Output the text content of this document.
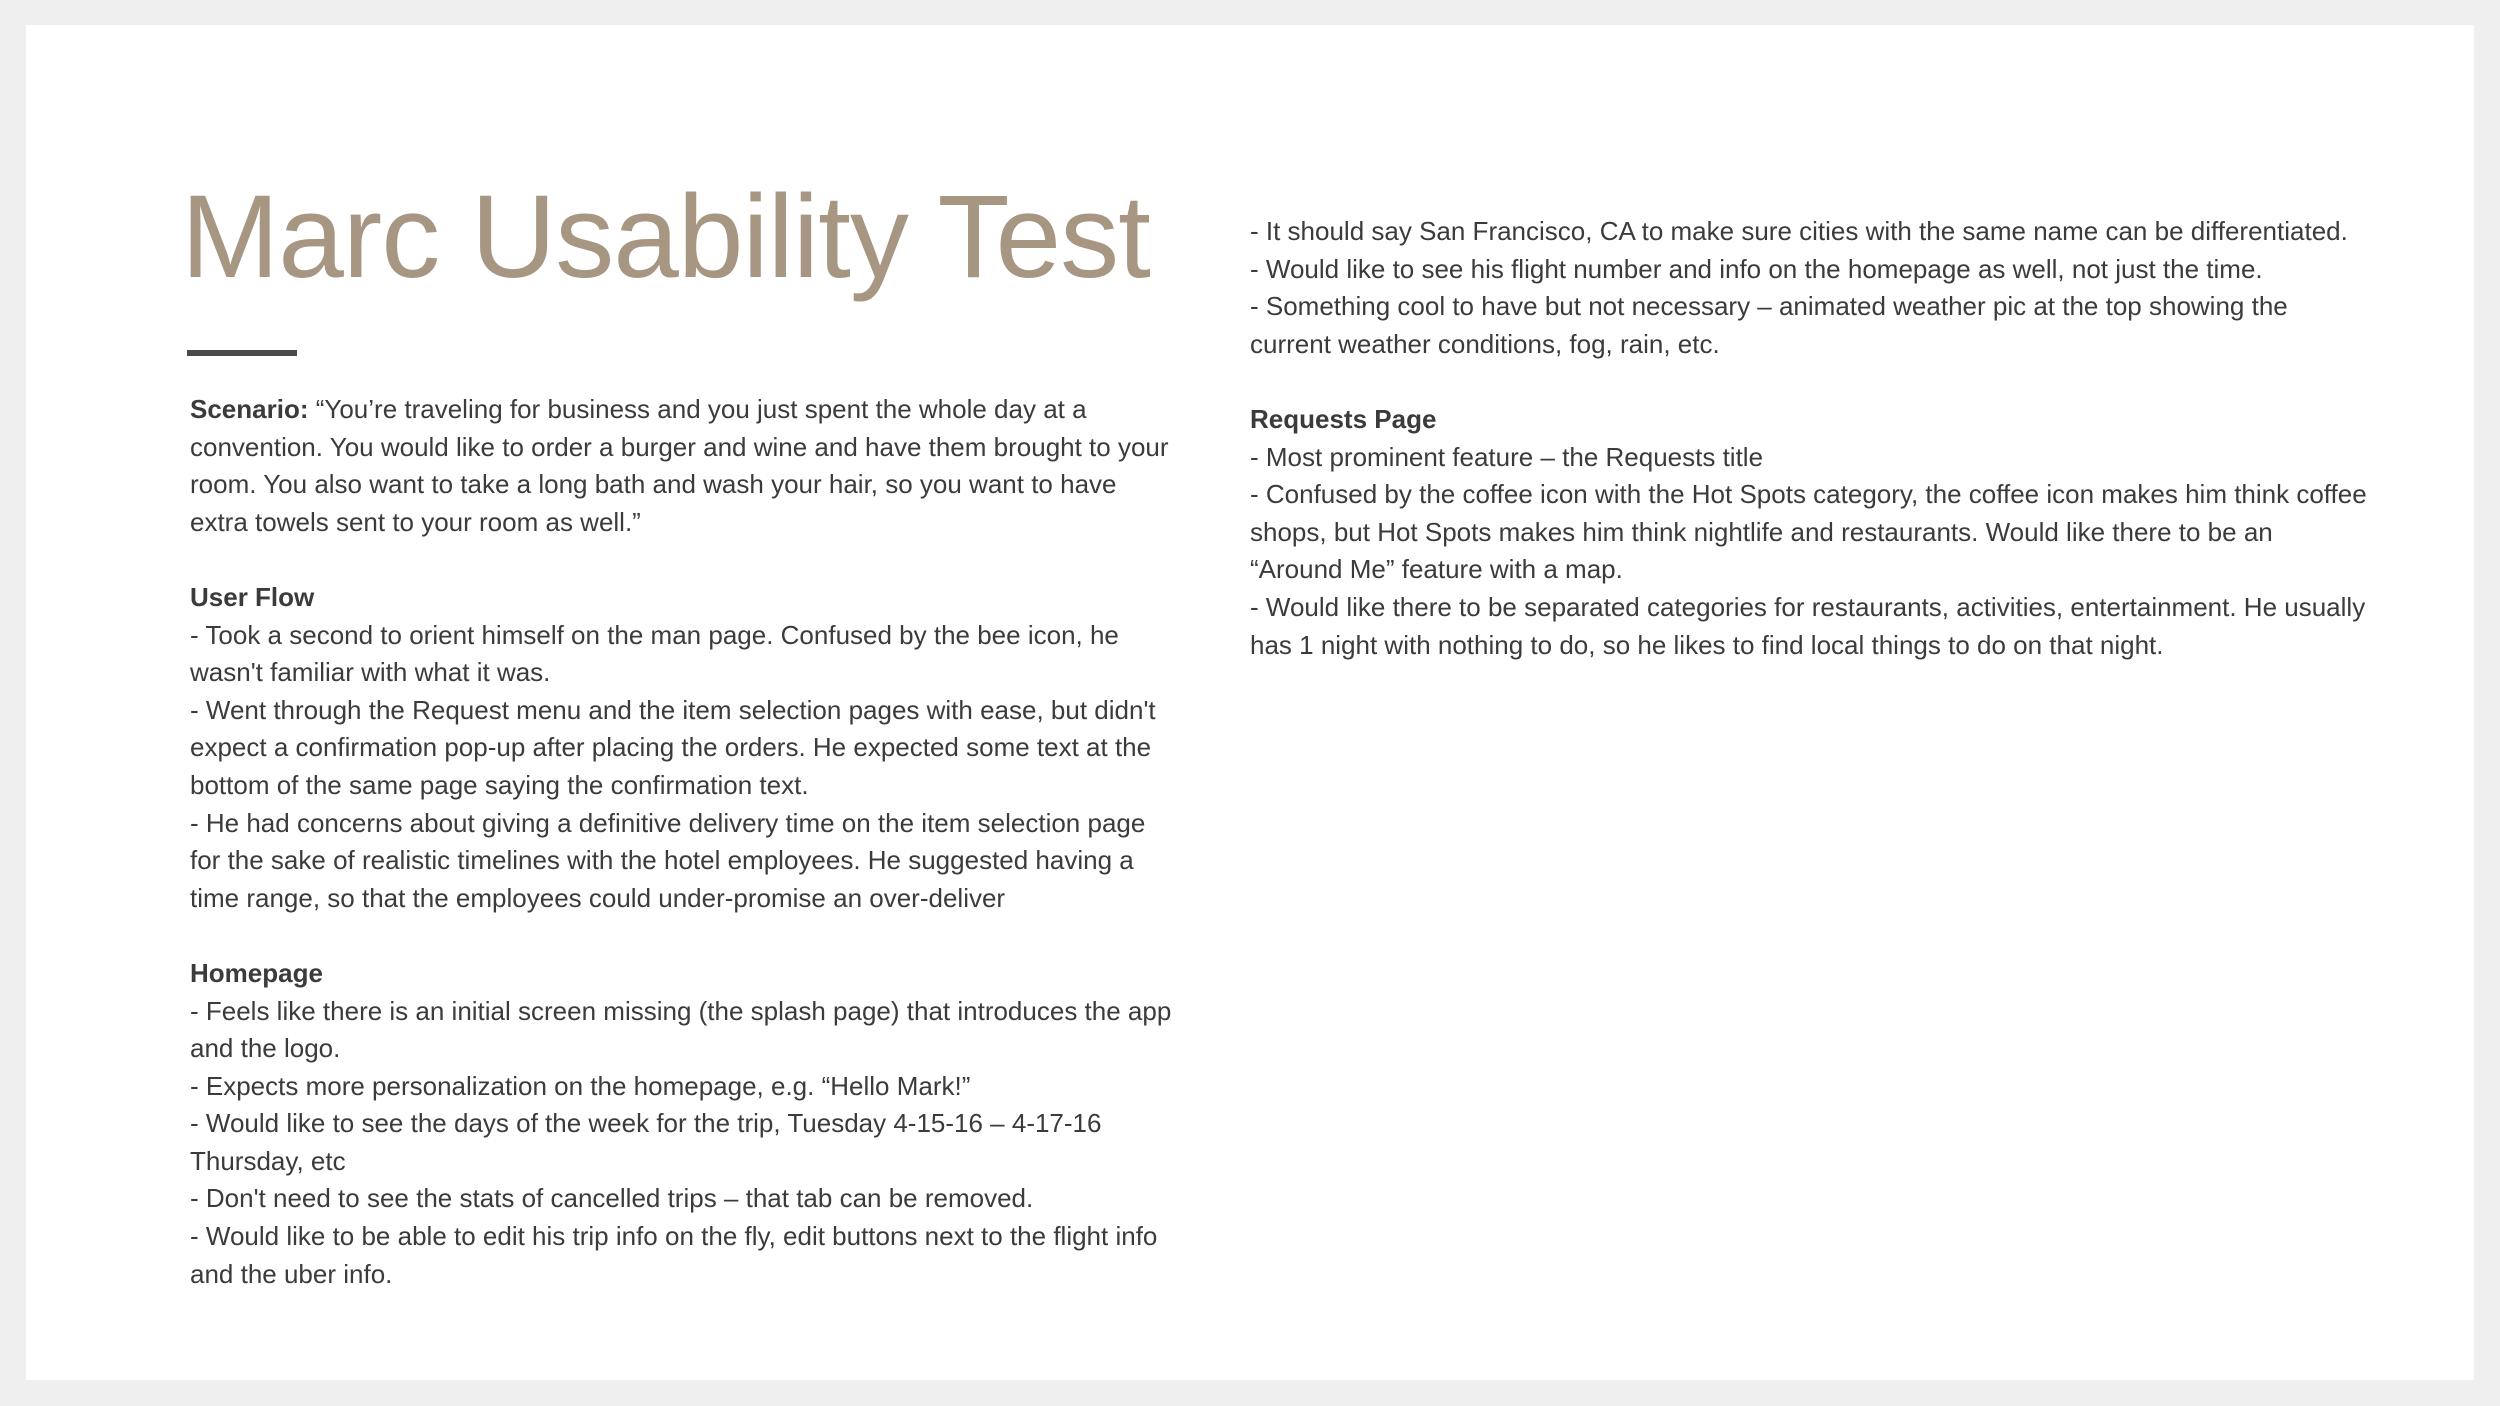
Marc Usability Test

Scenario: “You’re traveling for business and you just spent the whole day at a convention. You would like to order a burger and wine and have them brought to your room. You also want to take a long bath and wash your hair, so you want to have extra towels sent to your room as well.”

User Flow

- Took a second to orient himself on the man page. Confused by the bee icon, he wasn't familiar with what it was.

- Went through the Request menu and the item selection pages with ease, but didn't expect a confirmation pop-up after placing the orders. He expected some text at the bottom of the same page saying the confirmation text.

- He had concerns about giving a definitive delivery time on the item selection page for the sake of realistic timelines with the hotel employees. He suggested having a time range, so that the employees could under-promise an over-deliver

Homepage

- Feels like there is an initial screen missing (the splash page) that introduces the app and the logo.

- Expects more personalization on the homepage, e.g. “Hello Mark!”

- Would like to see the days of the week for the trip, Tuesday 4-15-16 – 4-17-16 Thursday, etc

- Don't need to see the stats of cancelled trips – that tab can be removed.

- Would like to be able to edit his trip info on the fly, edit buttons next to the flight info and the uber info.

- It should say San Francisco, CA to make sure cities with the same name can be differentiated.

- Would like to see his flight number and info on the homepage as well, not just the time.

- Something cool to have but not necessary – animated weather pic at the top showing the current weather conditions, fog, rain, etc.

Requests Page

- Most prominent feature – the Requests title

- Confused by the coffee icon with the Hot Spots category, the coffee icon makes him think coffee shops, but Hot Spots makes him think nightlife and restaurants. Would like there to be an “Around Me” feature with a map.

- Would like there to be separated categories for restaurants, activities, entertainment. He usually has 1 night with nothing to do, so he likes to find local things to do on that night.
